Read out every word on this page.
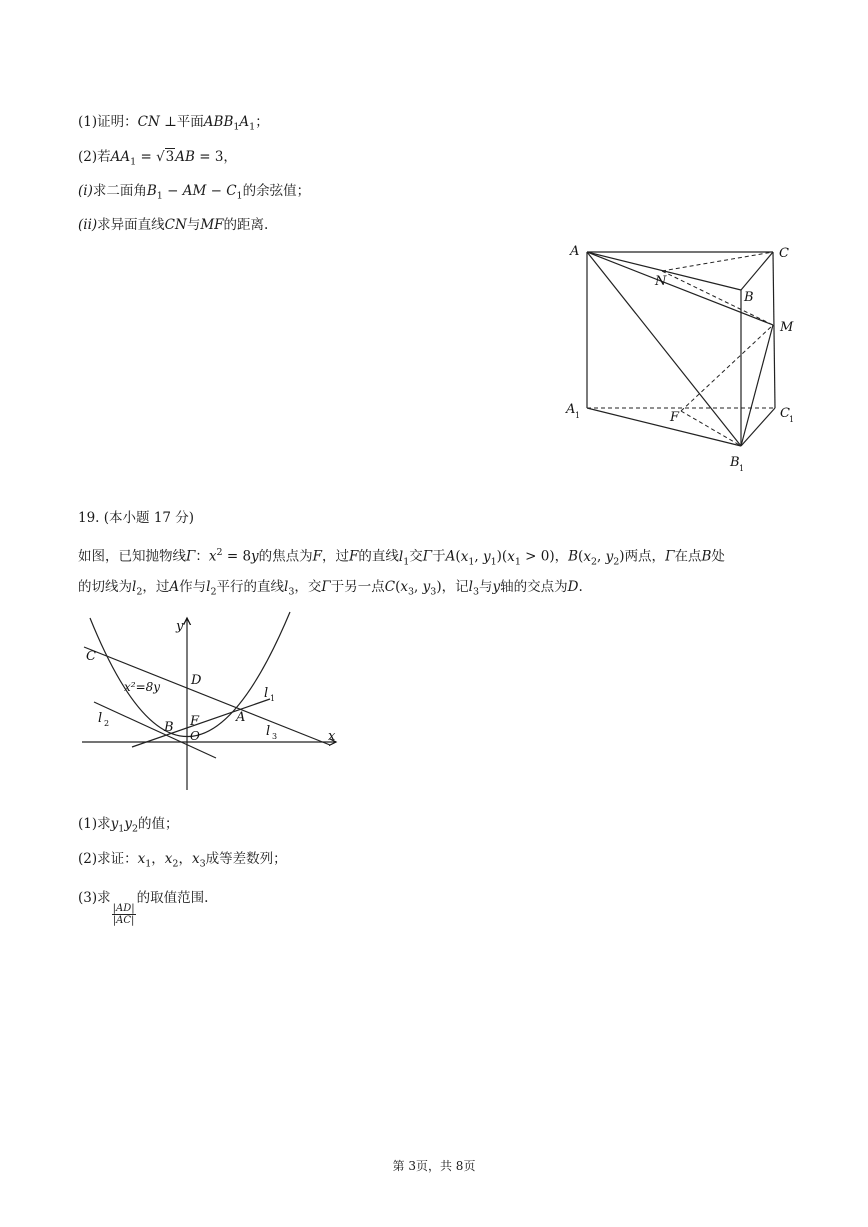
(1)证明：CN ⊥平面$ABB_1A_1$；
(2)若$AA_1 = √3AB = 3$，
(i)求二面角$B_1$ − AM − $C_1$的余弦值；
(ii)求异面直线CN与MF的距离.
A	C
N
B
M
A 1	C 1
F
B 1
19. (本小题 17 分)
如图，已知抛物线Γ：$x^2 = 8y$的焦点为F，过F的直线$l_1$交Γ于$A(x_1$, $y_1)(x_1 > 0)$，$B(x_2$, $y_2$)两点，Γ在点B处
的切线为$l_2$，过A作与$l_2$平行的直线$l_3$，交Γ于另一点$C(x_3$, $y_3$)，记$l_3$与y轴的交点为D.
y
x
C
D
x²=8y	l 1
l 2
l 3
A
B F
O
(1)求$y_1y_2$的值；
(2)求证：$x_1$，$x_2$，$x_3$成等差数列；
(3)求
$\frac{|AD|}{|AC|}$
的取值范围.
第 3页，共 8页
